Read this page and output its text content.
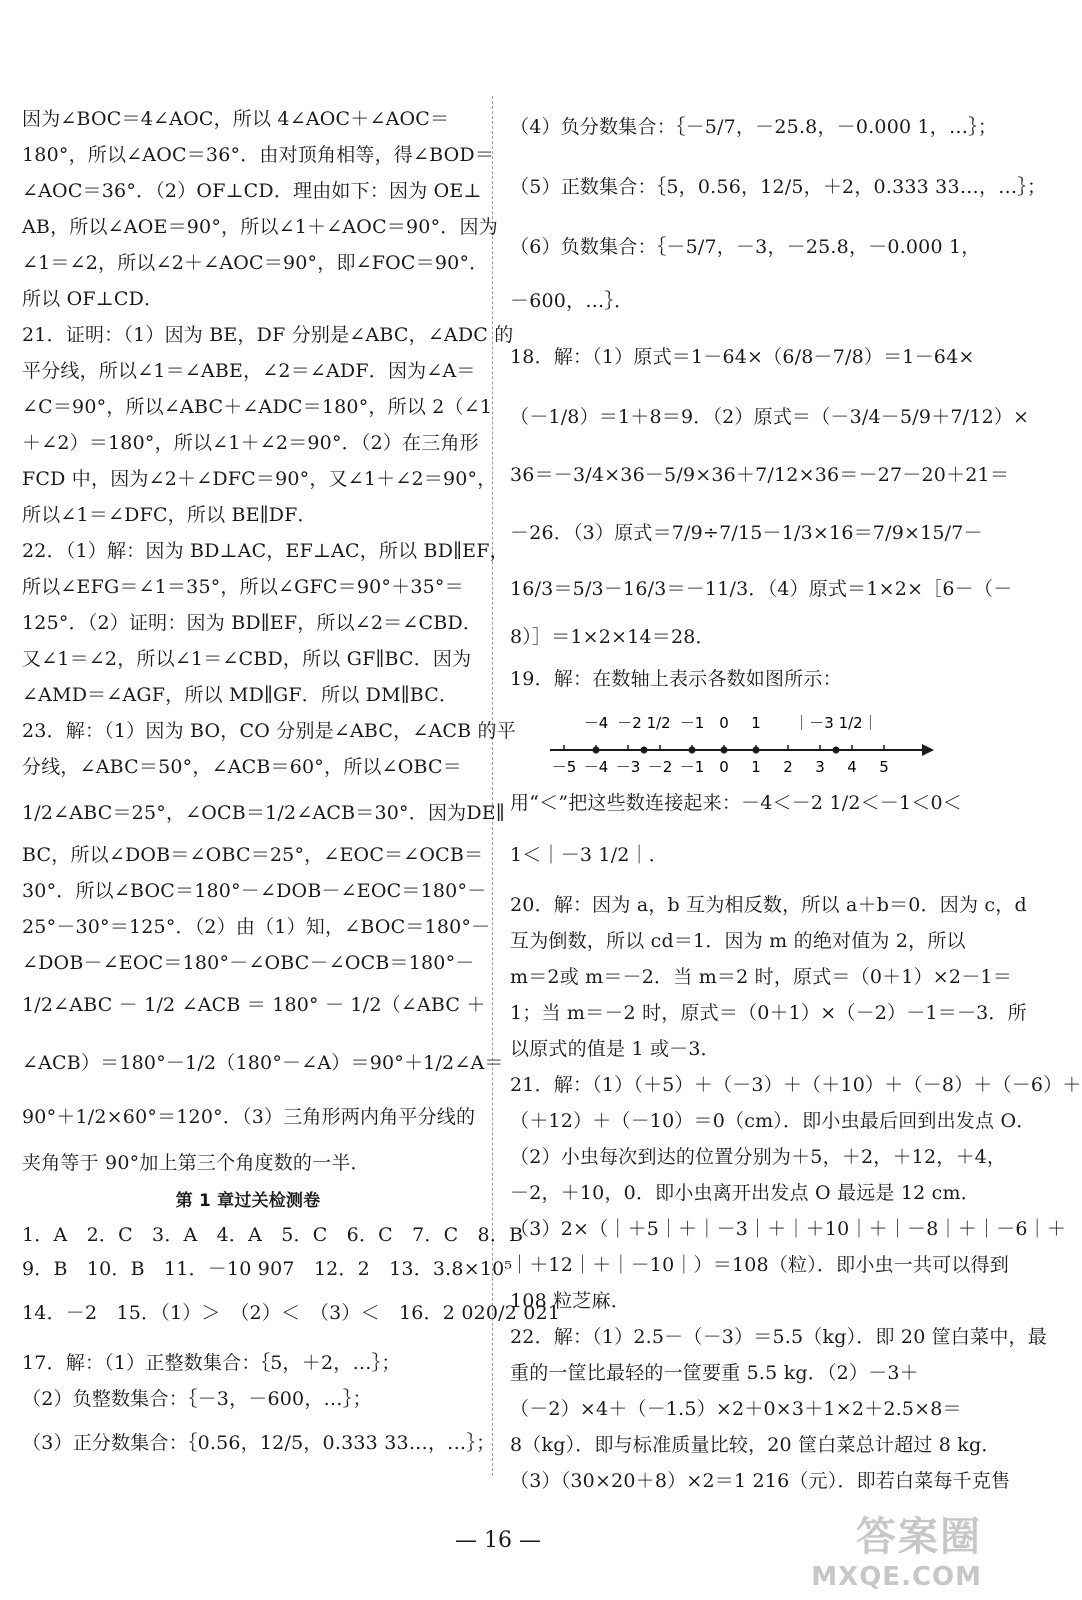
因为∠BOC＝4∠AOC，所以 4∠AOC＋∠AOC＝
180°，所以∠AOC＝36°．由对顶角相等，得∠BOD＝
∠AOC＝36°．（2）OF⊥CD．理由如下：因为 OE⊥
AB，所以∠AOE＝90°，所以∠1＋∠AOC＝90°．因为
∠1＝∠2，所以∠2＋∠AOC＝90°，即∠FOC＝90°．
所以 OF⊥CD．
21．证明：（1）因为 BE，DF 分别是∠ABC，∠ADC 的
平分线，所以∠1＝∠ABE，∠2＝∠ADF．因为∠A＝
∠C＝90°，所以∠ABC＋∠ADC＝180°，所以 2（∠1
＋∠2）＝180°，所以∠1＋∠2＝90°．（2）在三角形
FCD 中，因为∠2＋∠DFC＝90°，又∠1＋∠2＝90°，
所以∠1＝∠DFC，所以 BE∥DF．
22．（1）解：因为 BD⊥AC，EF⊥AC，所以 BD∥EF，
所以∠EFG＝∠1＝35°，所以∠GFC＝90°＋35°＝
125°．（2）证明：因为 BD∥EF，所以∠2＝∠CBD．
又∠1＝∠2，所以∠1＝∠CBD，所以 GF∥BC．因为
∠AMD＝∠AGF，所以 MD∥GF．所以 DM∥BC．
23．解：（1）因为 BO，CO 分别是∠ABC，∠ACB 的平
分线，∠ABC＝50°，∠ACB＝60°，所以∠OBC＝
1/2∠ABC＝25°，∠OCB＝1/2∠ACB＝30°．因为DE∥
BC，所以∠DOB＝∠OBC＝25°，∠EOC＝∠OCB＝
30°．所以∠BOC＝180°－∠DOB－∠EOC＝180°－
25°－30°＝125°．（2）由（1）知，∠BOC＝180°－
∠DOB－∠EOC＝180°－∠OBC－∠OCB＝180°－
1/2∠ABC － 1/2 ∠ACB ＝ 180° － 1/2（∠ABC ＋
∠ACB）＝180°－1/2（180°－∠A）＝90°＋1/2∠A＝
90°＋1/2×60°＝120°．（3）三角形两内角平分线的
夹角等于 90°加上第三个角度数的一半．
第 1 章过关检测卷
1．A　2．C　3．A　4．A　5．C　6．C　7．C　8．B
9．B　10．B　11．－10 907　12．2　13．3.8×10⁵
14．－2　15．（1）＞　（2）＜　（3）＜　16．2 020/2 021
17．解：（1）正整数集合：｛5，＋2，…｝；
（2）负整数集合：｛－3，－600，…｝；
（3）正分数集合：｛0.56，12/5，0.333 33…，…｝；
（4）负分数集合：｛－5/7，－25.8，－0.000 1，…｝；
（5）正数集合：｛5，0.56，12/5，＋2，0.333 33…，…｝；
（6）负数集合：｛－5/7，－3，－25.8，－0.000 1，
－600，…｝．
18．解：（1）原式＝1－64×（6/8－7/8）＝1－64×
（－1/8）＝1＋8＝9．（2）原式＝（－3/4－5/9＋7/12）×
36＝－3/4×36－5/9×36＋7/12×36＝－27－20＋21＝
－26．（3）原式＝7/9÷7/15－1/3×16＝7/9×15/7－
16/3＝5/3－16/3＝－11/3．（4）原式＝1×2×［6－（－
8）］＝1×2×14＝28．
19．解：在数轴上表示各数如图所示：
用“＜”把这些数连接起来：－4＜－2 1/2＜－1＜0＜
1＜｜－3 1/2｜．
20．解：因为 a，b 互为相反数，所以 a＋b＝0．因为 c，d
互为倒数，所以 cd＝1．因为 m 的绝对值为 2，所以
m＝2或 m＝－2．当 m＝2 时，原式＝（0＋1）×2－1＝
1；当 m＝－2 时，原式＝（0＋1）×（－2）－1＝－3．所
以原式的值是 1 或－3．
21．解：（1）（＋5）＋（－3）＋（＋10）＋（－8）＋（－6）＋
（＋12）＋（－10）＝0（cm）．即小虫最后回到出发点 O．
（2）小虫每次到达的位置分别为＋5，＋2，＋12，＋4，
－2，＋10，0．即小虫离开出发点 O 最远是 12 cm．
（3）2×（｜＋5｜＋｜－3｜＋｜＋10｜＋｜－8｜＋｜－6｜＋
｜＋12｜＋｜－10｜）＝108（粒）．即小虫一共可以得到
108 粒芝麻．
22．解：（1）2.5－（－3）＝5.5（kg）．即 20 筐白菜中，最
重的一筐比最轻的一筐要重 5.5 kg．（2）－3＋
（－2）×4＋（－1.5）×2＋0×3＋1×2＋2.5×8＝
8（kg）．即与标准质量比较，20 筐白菜总计超过 8 kg．
（3）（30×20＋8）×2＝1 216（元）．即若白菜每千克售
－5 －4 －3 －2 －1 0 1 2 3 4 5
－4 －2 1/2 －1 0 1 ｜－3 1/2｜
— 16 —	答案圈
MXQE.COM
